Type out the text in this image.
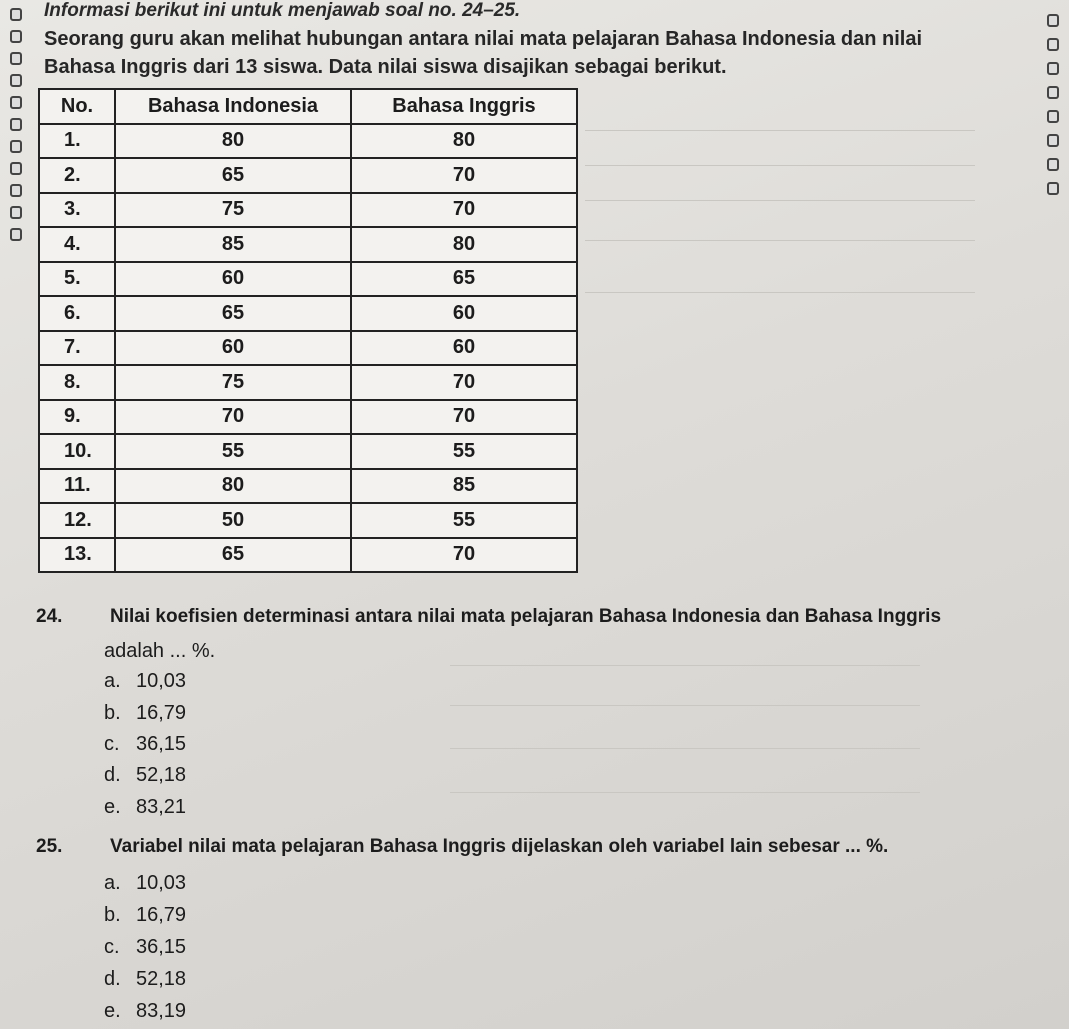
Informasi berikut ini untuk menjawab soal no. 24–25.
Seorang guru akan melihat hubungan antara nilai mata pelajaran Bahasa Indonesia dan nilai
Bahasa Inggris dari 13 siswa. Data nilai siswa disajikan sebagai berikut.
No.	Bahasa Indonesia	Bahasa Inggris
1.	80	80
2.	65	70
3.	75	70
4.	85	80
5.	60	65
6.	65	60
7.	60	60
8.	75	70
9.	70	70
10.	55	55
11.	80	85
12.	50	55
13.	65	70
24.	Nilai koefisien determinasi antara nilai mata pelajaran Bahasa Indonesia dan Bahasa Inggris
adalah ... %.
a. 10,03
b. 16,79
c. 36,15
d. 52,18
e. 83,21
25.	Variabel nilai mata pelajaran Bahasa Inggris dijelaskan oleh variabel lain sebesar ... %.
a. 10,03
b. 16,79
c. 36,15
d. 52,18
e. 83,19
